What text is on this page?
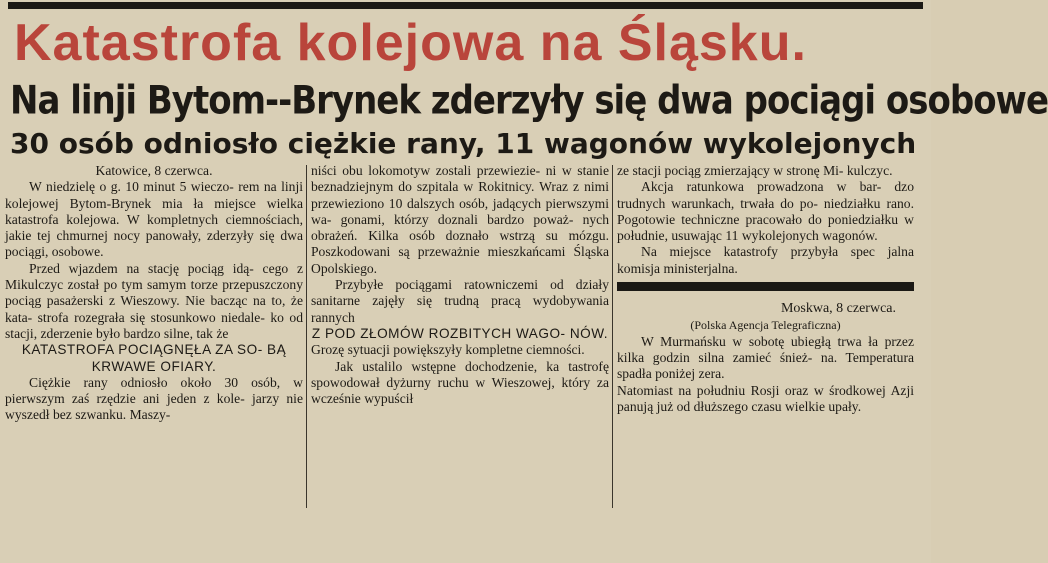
Katastrofa kolejowa na Śląsku.
Na linji Bytom--Brynek zderzyły się dwa pociągi osobowe
30 osób odniosło ciężkie rany, 11 wagonów wykolejonych

Katowice, 8 czerwca.

W niedzielę o g. 10 minut 5 wieczo- rem na linji kolejowej Bytom-Brynek mia ła miejsce wielka katastrofa kolejowa. W kompletnych ciemnościach, jakie tej chmurnej nocy panowały, zderzyły się dwa pociągi, osobowe.

Przed wjazdem na stację pociąg idą- cego z Mikulczyc został po tym samym torze przepuszczony pociąg pasażerski z Wieszowy. Nie bacząc na to, że kata- strofa rozegrała się stosunkowo niedale- ko od stacji, zderzenie było bardzo silne, tak że

KATASTROFA POCIĄGNĘŁA ZA SO- BĄ KRWAWE OFIARY.

Ciężkie rany odniosło około 30 osób, w pierwszym zaś rzędzie ani jeden z kole- jarzy nie wyszedł bez szwanku. Maszy-

niści obu lokomotyw zostali przewiezie- ni w stanie beznadziejnym do szpitala w Rokitnicy. Wraz z nimi przewieziono 10 dalszych osób, jadących pierwszymi wa- gonami, którzy doznali bardzo poważ- nych obrażeń. Kilka osób doznało wstrzą su mózgu. Poszkodowani są przeważnie mieszkańcami Śląska Opolskiego.

Przybyłe pociągami ratowniczemi od działy sanitarne zajęły się trudną pracą wydobywania rannych

Z POD ZŁOMÓW ROZBITYCH WAGO- NÓW.

Grozę sytuacji powiększyły kompletne ciemności.

Jak ustalilo wstępne dochodzenie, ka tastrofę spowodował dyżurny ruchu w Wieszowej, który za wcześnie wypuścił

ze stacji pociąg zmierzający w stronę Mi- kulczyc.

Akcja ratunkowa prowadzona w bar- dzo trudnych warunkach, trwała do po- niedziałku rano. Pogotowie techniczne pracowało do poniedziałku w południe, usuwając 11 wykolejonych wagonów.

Na miejsce katastrofy przybyła spec jalna komisja ministerjalna.

Moskwa, 8 czerwca.

(Polska Agencja Telegraficzna)

W Murmańsku w sobotę ubiegłą trwa ła przez kilka godzin silna zamieć śnież- na. Temperatura spadła poniżej zera.

Natomiast na południu Rosji oraz w środkowej Azji panują już od dłuższego czasu wielkie upały.
